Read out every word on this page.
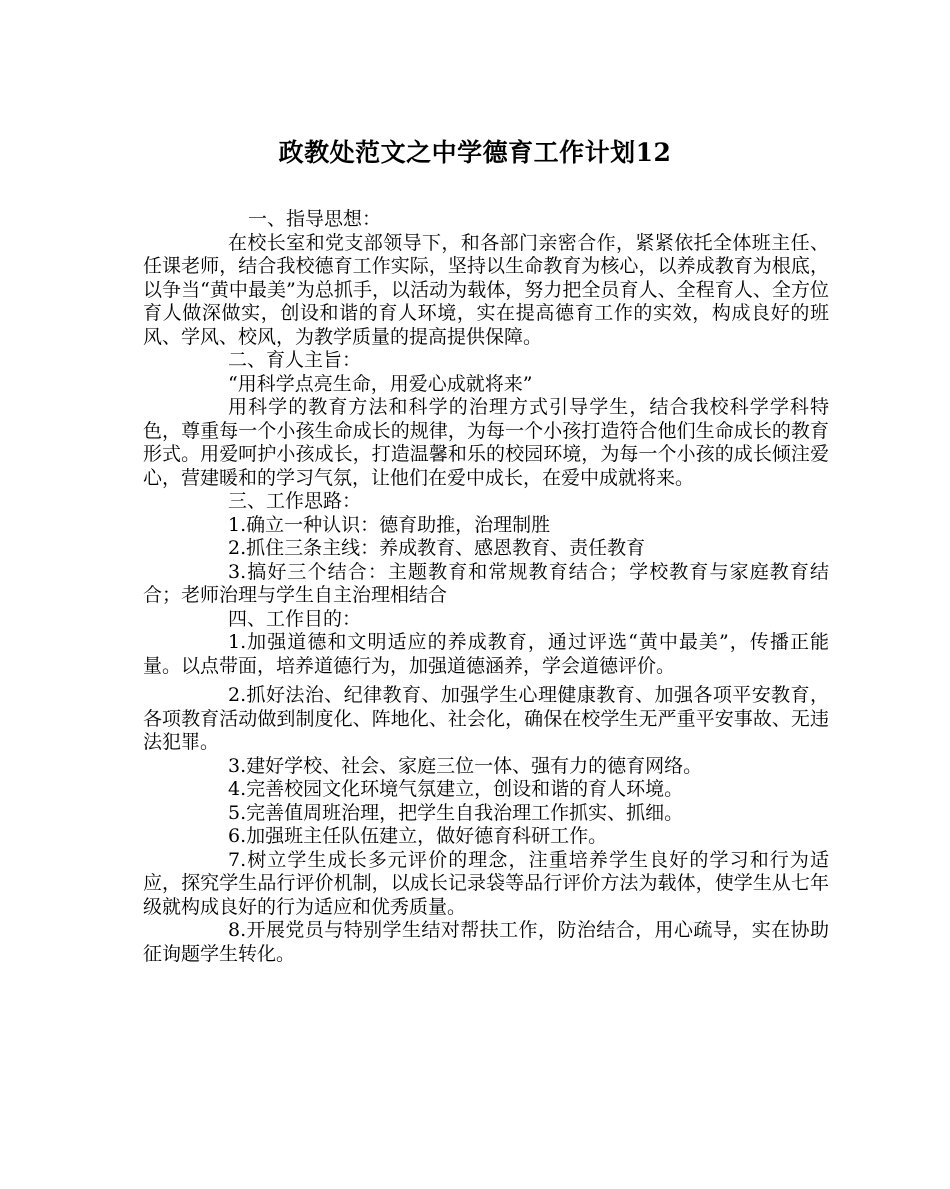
政教处范文之中学德育工作计划12

一、指导思想：

在校长室和党支部领导下，和各部门亲密合作，紧紧依托全体班主任、任课老师，结合我校德育工作实际，坚持以生命教育为核心，以养成教育为根底，以争当“黄中最美”为总抓手，以活动为载体，努力把全员育人、全程育人、全方位育人做深做实，创设和谐的育人环境，实在提高德育工作的实效，构成良好的班风、学风、校风，为教学质量的提高提供保障。

二、育人主旨：

“用科学点亮生命，用爱心成就将来”

用科学的教育方法和科学的治理方式引导学生，结合我校科学学科特色，尊重每一个小孩生命成长的规律，为每一个小孩打造符合他们生命成长的教育形式。用爱呵护小孩成长，打造温馨和乐的校园环境，为每一个小孩的成长倾注爱心，营建暖和的学习气氛，让他们在爱中成长，在爱中成就将来。

三、工作思路：

1.确立一种认识：德育助推，治理制胜

2.抓住三条主线：养成教育、感恩教育、责任教育

3.搞好三个结合：主题教育和常规教育结合；学校教育与家庭教育结合；老师治理与学生自主治理相结合

四、工作目的：

1.加强道德和文明适应的养成教育，通过评选“黄中最美”，传播正能量。以点带面，培养道德行为，加强道德涵养，学会道德评价。

2.抓好法治、纪律教育、加强学生心理健康教育、加强各项平安教育，各项教育活动做到制度化、阵地化、社会化，确保在校学生无严重平安事故、无违法犯罪。

3.建好学校、社会、家庭三位一体、强有力的德育网络。

4.完善校园文化环境气氛建立，创设和谐的育人环境。

5.完善值周班治理，把学生自我治理工作抓实、抓细。

6.加强班主任队伍建立，做好德育科研工作。

7.树立学生成长多元评价的理念，注重培养学生良好的学习和行为适应，探究学生品行评价机制，以成长记录袋等品行评价方法为载体，使学生从七年级就构成良好的行为适应和优秀质量。

8.开展党员与特别学生结对帮扶工作，防治结合，用心疏导，实在协助征询题学生转化。
